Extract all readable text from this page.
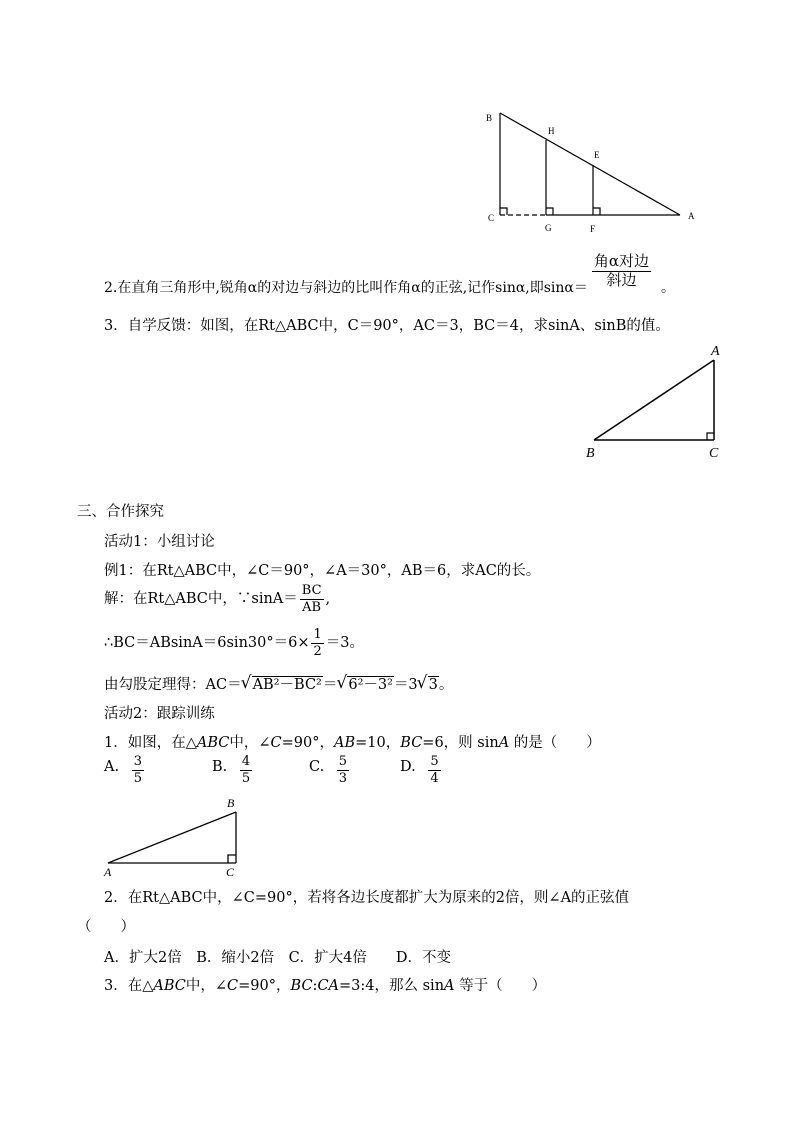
B
H
E
C
G	F
A
2.在直角三角形中,锐角α的对边与斜边的比叫作角α的正弦,记作sinα,即$\sin\alpha= \frac{\text{角α对边}}{\text{斜边}}$ 。
3．自学反馈：如图，在Rt△ABC中，C＝90°，AC＝3，BC＝4，求sinA、sinB的值。
A
B	C
三、合作探究
活动1：小组讨论
例1：在Rt△ABC中，∠C＝90°，∠A＝30°，AB＝6，求AC的长。
解：在Rt△ABC中，∵sinA＝ $\frac{BC}{AB}$ ,
∴BC＝ABsinA＝6sin30°＝6× $\frac{1}{2} =3$。
由勾股定理得：AC＝ √ AB²－BC²＝ √ 6²－3²＝3 √ 3。
活动2：跟踪训练
1．如图，在△ABC中，∠C=90°，AB=10，BC=6，则 sinA 的是（　　）
A. $\frac{3}{5}$	B. $\frac{4}{5}$	C. $\frac{5}{3}$	D. $\frac{5}{4}$
B
A	C
2．在Rt△ABC中，∠C=90°，若将各边长度都扩大为原来的2倍，则∠A的正弦值
（　　）
A．扩大2倍　B．缩小2倍　C．扩大4倍　　D．不变
3．在△ABC中，∠C=90°，BC:CA=3:4，那么 sinA 等于（　　）
